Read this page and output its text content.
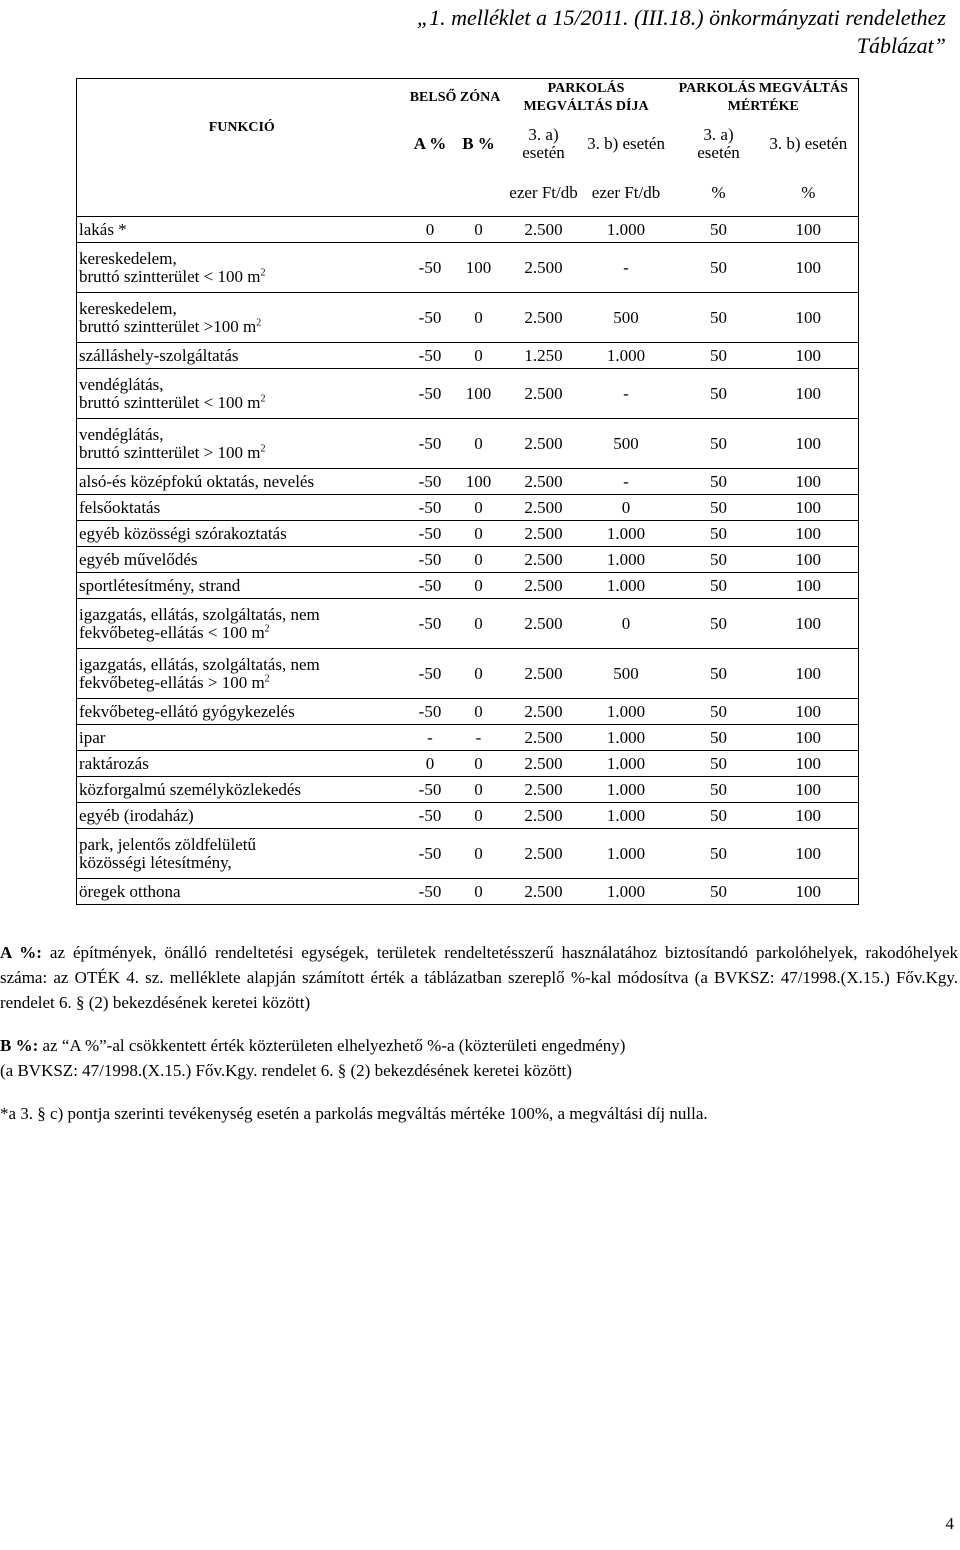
„1. melléklet a 15/2011. (III.18.) önkormányzati rendelethez
Táblázat”
	BELSŐ ZÓNA		PARKOLÁS MEGVÁLTÁS DÍJA		PARKOLÁS MEGVÁLTÁS MÉRTÉKE		
FUNKCIÓ	A %	B %	3. a) esetén	3. b) esetén		3. a) esetén	3. b) esetén
			ezer Ft/db	ezer Ft/db		%	%

lakás *	0	0	2.500	1.000		50	100

kereskedelem,
bruttó szintterület < 100 $m^2$	-50	100	2.500	-		50	100

kereskedelem,
bruttó szintterület >100 $m^2$	-50	0	2.500	500		50	100

szálláshely-szolgáltatás	-50	0	1.250	1.000		50	100

vendéglátás,
bruttó szintterület < 100 $m^2$	-50	100	2.500	-		50	100

vendéglátás,
bruttó szintterület > 100 $m^2$	-50	0	2.500	500		50	100

alsó-és középfokú oktatás, nevelés	-50	100	2.500	-		50	100

felsőoktatás	-50	0	2.500	0		50	100

egyéb közösségi szórakoztatás	-50	0	2.500	1.000		50	100

egyéb művelődés	-50	0	2.500	1.000		50	100

sportlétesítmény, strand	-50	0	2.500	1.000		50	100

igazgatás, ellátás, szolgáltatás, nem
fekvőbeteg-ellátás < 100 $m^2$	-50	0	2.500	0		50	100

igazgatás, ellátás, szolgáltatás, nem
fekvőbeteg-ellátás > 100 $m^2$	-50	0	2.500	500		50	100

fekvőbeteg-ellátó gyógykezelés	-50	0	2.500	1.000		50	100

ipar	-	-	2.500	1.000		50	100

raktározás	0	0	2.500	1.000		50	100

közforgalmú személyközlekedés	-50	0	2.500	1.000		50	100

egyéb (irodaház)	-50	0	2.500	1.000		50	100

park, jelentős zöldfelületű
közösségi létesítmény,	-50	0	2.500	1.000		50	100

öregek otthona	-50	0	2.500	1.000		50	100

A %: az építmények, önálló rendeltetési egységek, területek rendeltetésszerű használatához biztosítandó parkolóhelyek, rakodóhelyek száma: az OTÉK 4. sz. melléklete alapján számított érték a táblázatban szereplő %-kal módosítva (a BVKSZ: 47/1998.(X.15.) Főv.Kgy. rendelet 6. § (2) bekezdésének keretei között)

B %: az “A %”-al csökkentett érték közterületen elhelyezhető %-a (közterületi engedmény)

(a BVKSZ: 47/1998.(X.15.) Főv.Kgy. rendelet 6. § (2) bekezdésének keretei között)

*a 3. § c) pontja szerinti tevékenység esetén a parkolás megváltás mértéke 100%, a megváltási díj nulla.

4
